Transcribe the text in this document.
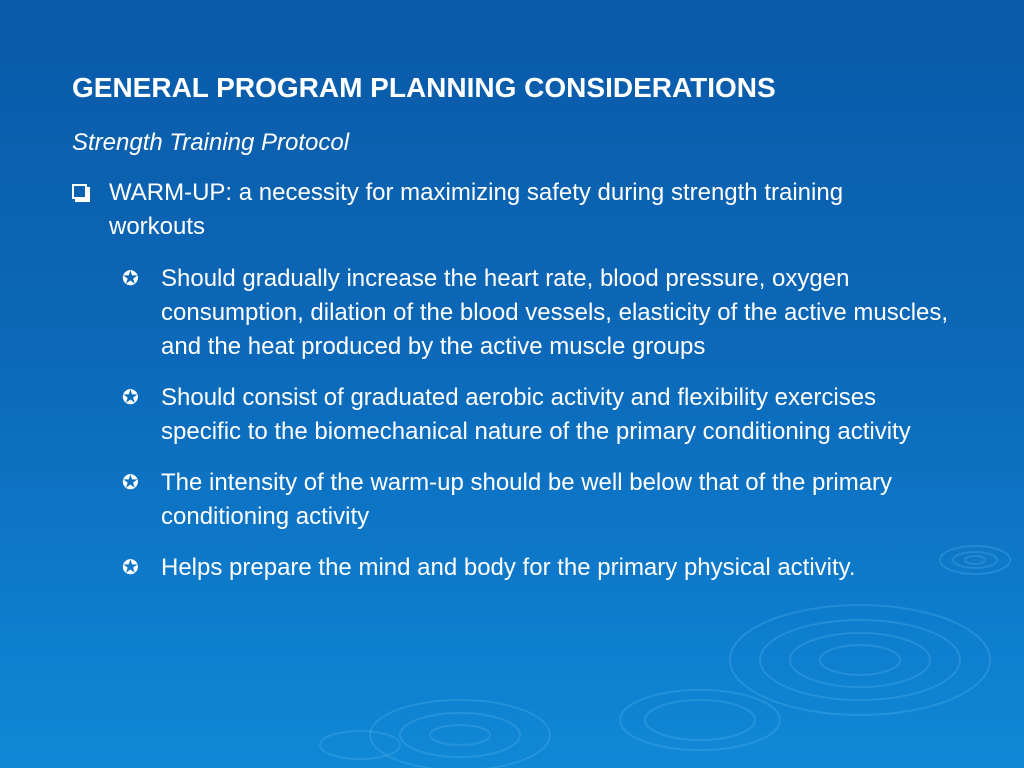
GENERAL PROGRAM PLANNING CONSIDERATIONS
Strength Training Protocol
WARM-UP: a necessity for maximizing safety during strength training workouts
✪ Should gradually increase the heart rate, blood pressure, oxygen consumption, dilation of the blood vessels, elasticity of the active muscles, and the heat produced by the active muscle groups
✪ Should consist of graduated aerobic activity and flexibility exercises specific to the biomechanical nature of the primary conditioning activity
✪ The intensity of the warm-up should be well below that of the primary conditioning activity
✪ Helps prepare the mind and body for the primary physical activity.
